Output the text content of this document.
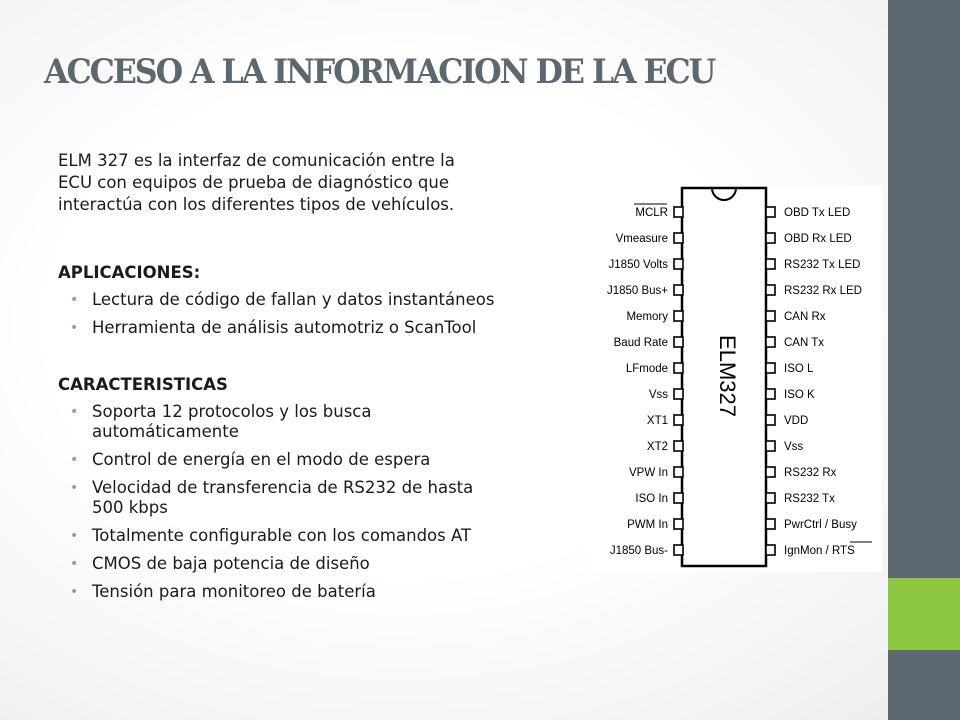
ACCESO A LA INFORMACION DE LA ECU
ELM 327 es la interfaz de comunicación entre la
ECU con equipos de prueba de diagnóstico que
interactúa con los diferentes tipos de vehículos.
APLICACIONES:
• Lectura de código de fallan y datos instantáneos
• Herramienta de análisis automotriz o ScanTool
CARACTERISTICAS
• Soporta 12 protocolos y los busca
automáticamente
• Control de energía en el modo de espera
• Velocidad de transferencia de RS232 de hasta
500 kbps
• Totalmente configurable con los comandos AT
• CMOS de baja potencia de diseño
• Tensión para monitoreo de batería
ELM327
MCLR
Vmeasure
J1850 Volts
J1850 Bus+
Memory
Baud Rate
LFmode
Vss
XT1
XT2
VPW In
ISO In
PWM In
J1850 Bus-
OBD Tx LED
OBD Rx LED
RS232 Tx LED
RS232 Rx LED
CAN Rx
CAN Tx
ISO L
ISO K
VDD
Vss
RS232 Rx
RS232 Tx
PwrCtrl / Busy
IgnMon / RTS
